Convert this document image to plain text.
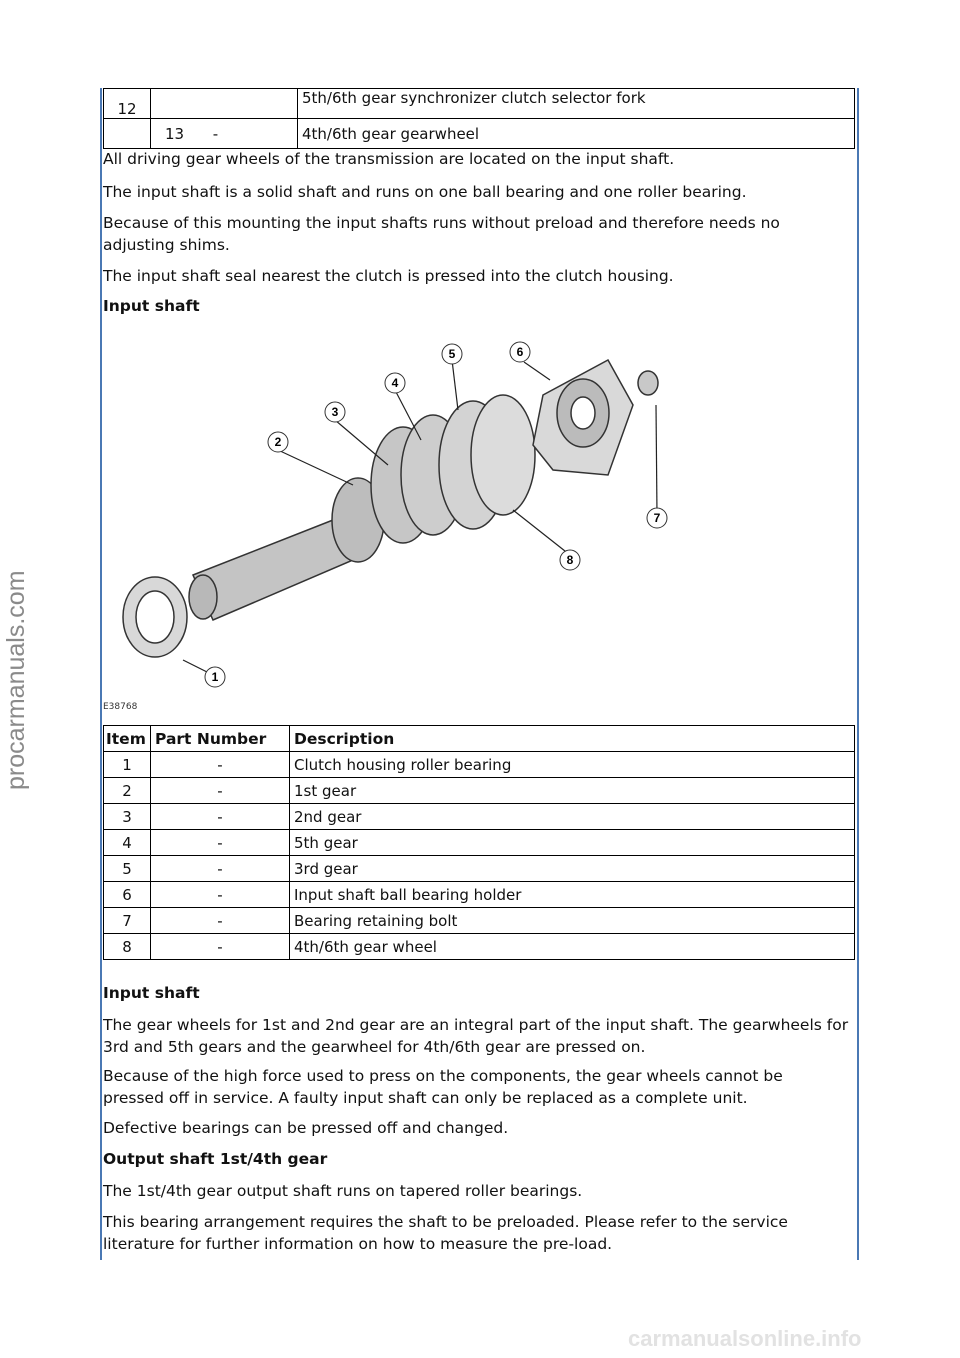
procarmanuals.com
12		5th/6th gear synchronizer clutch selector fork
	13      -	4th/6th gear gearwheel

All driving gear wheels of the transmission are located on the input shaft.

The input shaft is a solid shaft and runs on one ball bearing and one roller bearing.

Because of this mounting the input shafts runs without preload and therefore needs no adjusting shims.

The input shaft seal nearest the clutch is pressed into the clutch housing.

Input shaft

1
2
3
4
5	6
7
8
E38768
Item	Part Number	Description
1	-	Clutch housing roller bearing
2	-	1st gear
3	-	2nd gear
4	-	5th gear
5	-	3rd gear
6	-	Input shaft ball bearing holder
7	-	Bearing retaining bolt
8	-	4th/6th gear wheel

Input shaft

The gear wheels for 1st and 2nd gear are an integral part of the input shaft. The gearwheels for 3rd and 5th gears and the gearwheel for 4th/6th gear are pressed on.

Because of the high force used to press on the components, the gear wheels cannot be pressed off in service. A faulty input shaft can only be replaced as a complete unit.

Defective bearings can be pressed off and changed.

Output shaft 1st/4th gear

The 1st/4th gear output shaft runs on tapered roller bearings.

This bearing arrangement requires the shaft to be preloaded. Please refer to the service literature for further information on how to measure the pre-load.

carmanualsonline.info
